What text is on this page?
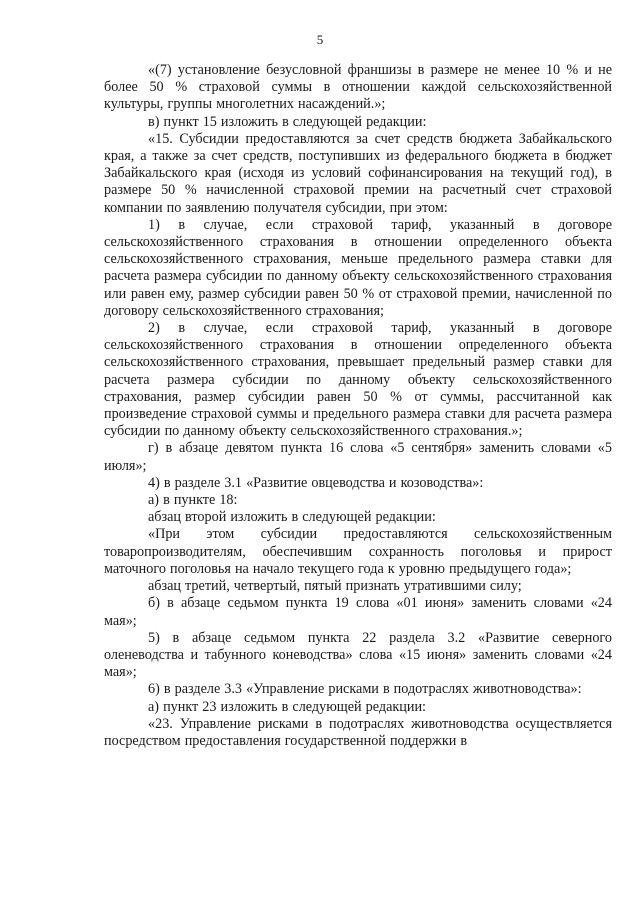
5

«(7) установление безусловной франшизы в размере не менее 10 % и не более 50 % страховой суммы в отношении каждой сельскохозяйственной культуры, группы многолетних насаждений.»;

в) пункт 15 изложить в следующей редакции:

«15. Субсидии предоставляются за счет средств бюджета Забайкальского края, а также за счет средств, поступивших из федерального бюджета в бюджет Забайкальского края (исходя из условий софинансирования на текущий год), в размере 50 % начисленной страховой премии на расчетный счет страховой компании по заявлению получателя субсидии, при этом:

1) в случае, если страховой тариф, указанный в договоре сельскохозяйственного страхования в отношении определенного объекта сельскохозяйственного страхования, меньше предельного размера ставки для расчета размера субсидии по данному объекту сельскохозяйственного страхования или равен ему, размер субсидии равен 50 % от страховой премии, начисленной по договору сельскохозяйственного страхования;

2) в случае, если страховой тариф, указанный в договоре сельскохозяйственного страхования в отношении определенного объекта сельскохозяйственного страхования, превышает предельный размер ставки для расчета размера субсидии по данному объекту сельскохозяйственного страхования, размер субсидии равен 50 % от суммы, рассчитанной как произведение страховой суммы и предельного размера ставки для расчета размера субсидии по данному объекту сельскохозяйственного страхования.»;

г) в абзаце девятом пункта 16 слова «5 сентября» заменить словами «5 июля»;

4) в разделе 3.1 «Развитие овцеводства и козоводства»:

а) в пункте 18:

абзац второй изложить в следующей редакции:

«При этом субсидии предоставляются сельскохозяйственным товаропроизводителям, обеспечившим сохранность поголовья и прирост маточного поголовья на начало текущего года к уровню предыдущего года»;

абзац третий, четвертый, пятый признать утратившими силу;

б) в абзаце седьмом пункта 19 слова «01 июня» заменить словами «24 мая»;

5) в абзаце седьмом пункта 22 раздела 3.2 «Развитие северного оленеводства и табунного коневодства» слова «15 июня» заменить словами «24 мая»;

6) в разделе 3.3 «Управление рисками в подотраслях животноводства»:

а) пункт 23 изложить в следующей редакции:

«23. Управление рисками в подотраслях животноводства осуществляется посредством предоставления государственной поддержки в
